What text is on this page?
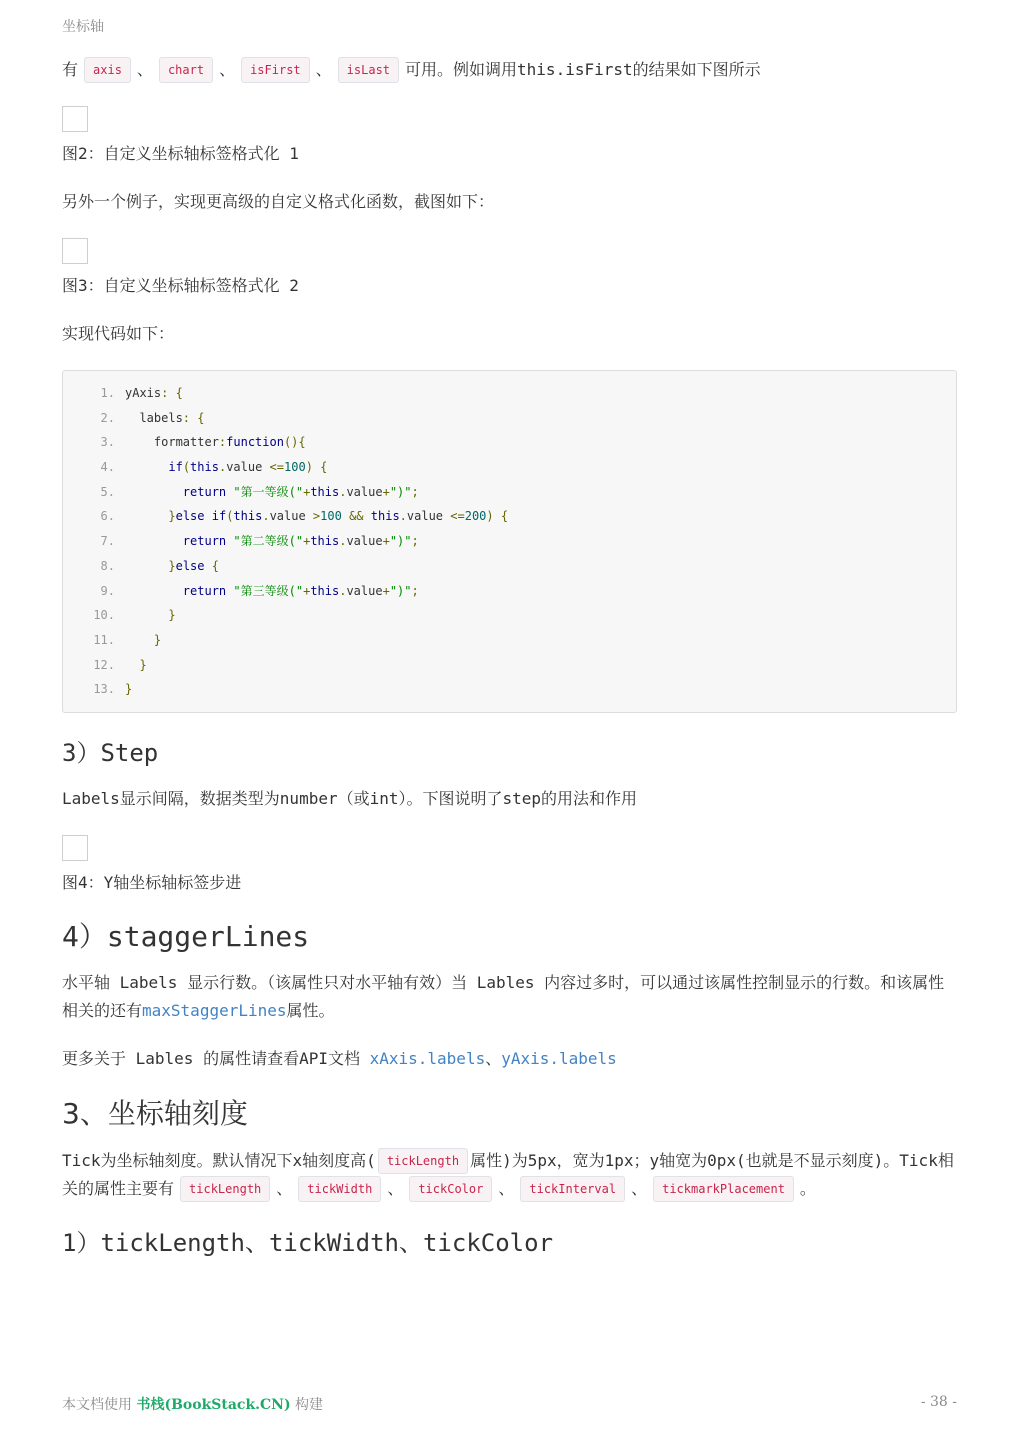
坐标轴

有 axis 、 chart 、 isFirst 、 isLast 可用。例如调用this.isFirst的结果如下图所示

图2：自定义坐标轴标签格式化 1

另外一个例子，实现更高级的自定义格式化函数，截图如下：

图3：自定义坐标轴标签格式化 2

实现代码如下：

1. yAxis: {
2.  labels: {
3.    formatter:function(){
4.	if(this.value <=100) {
5.	return "第一等级("+this.value+")";
6.	}else if(this.value >100 && this.value <=200) {
7.	return "第二等级("+this.value+")";
8.	}else {
9.	return "第三等级("+this.value+")";
10.	}
11.	}
12. }
13. }
3）Step

Labels显示间隔，数据类型为number（或int）。下图说明了step的用法和作用

图4：Y轴坐标轴标签步进

4）staggerLines

水平轴 Labels 显示行数。（该属性只对水平轴有效）当 Lables 内容过多时，可以通过该属性控制显示的行数。和该属性相关的还有maxStaggerLines属性。

更多关于 Lables 的属性请查看API文档 xAxis.labels、yAxis.labels

3、坐标轴刻度

Tick为坐标轴刻度。默认情况下x轴刻度高( tickLength 属性)为5px，宽为1px；y轴宽为0px(也就是不显示刻度)。Tick相关的属性主要有 tickLength 、 tickWidth 、 tickColor 、 tickInterval 、 tickmarkPlacement 。

1）tickLength、tickWidth、tickColor
本文档使用 书栈(BookStack.CN) 构建	- 38 -
